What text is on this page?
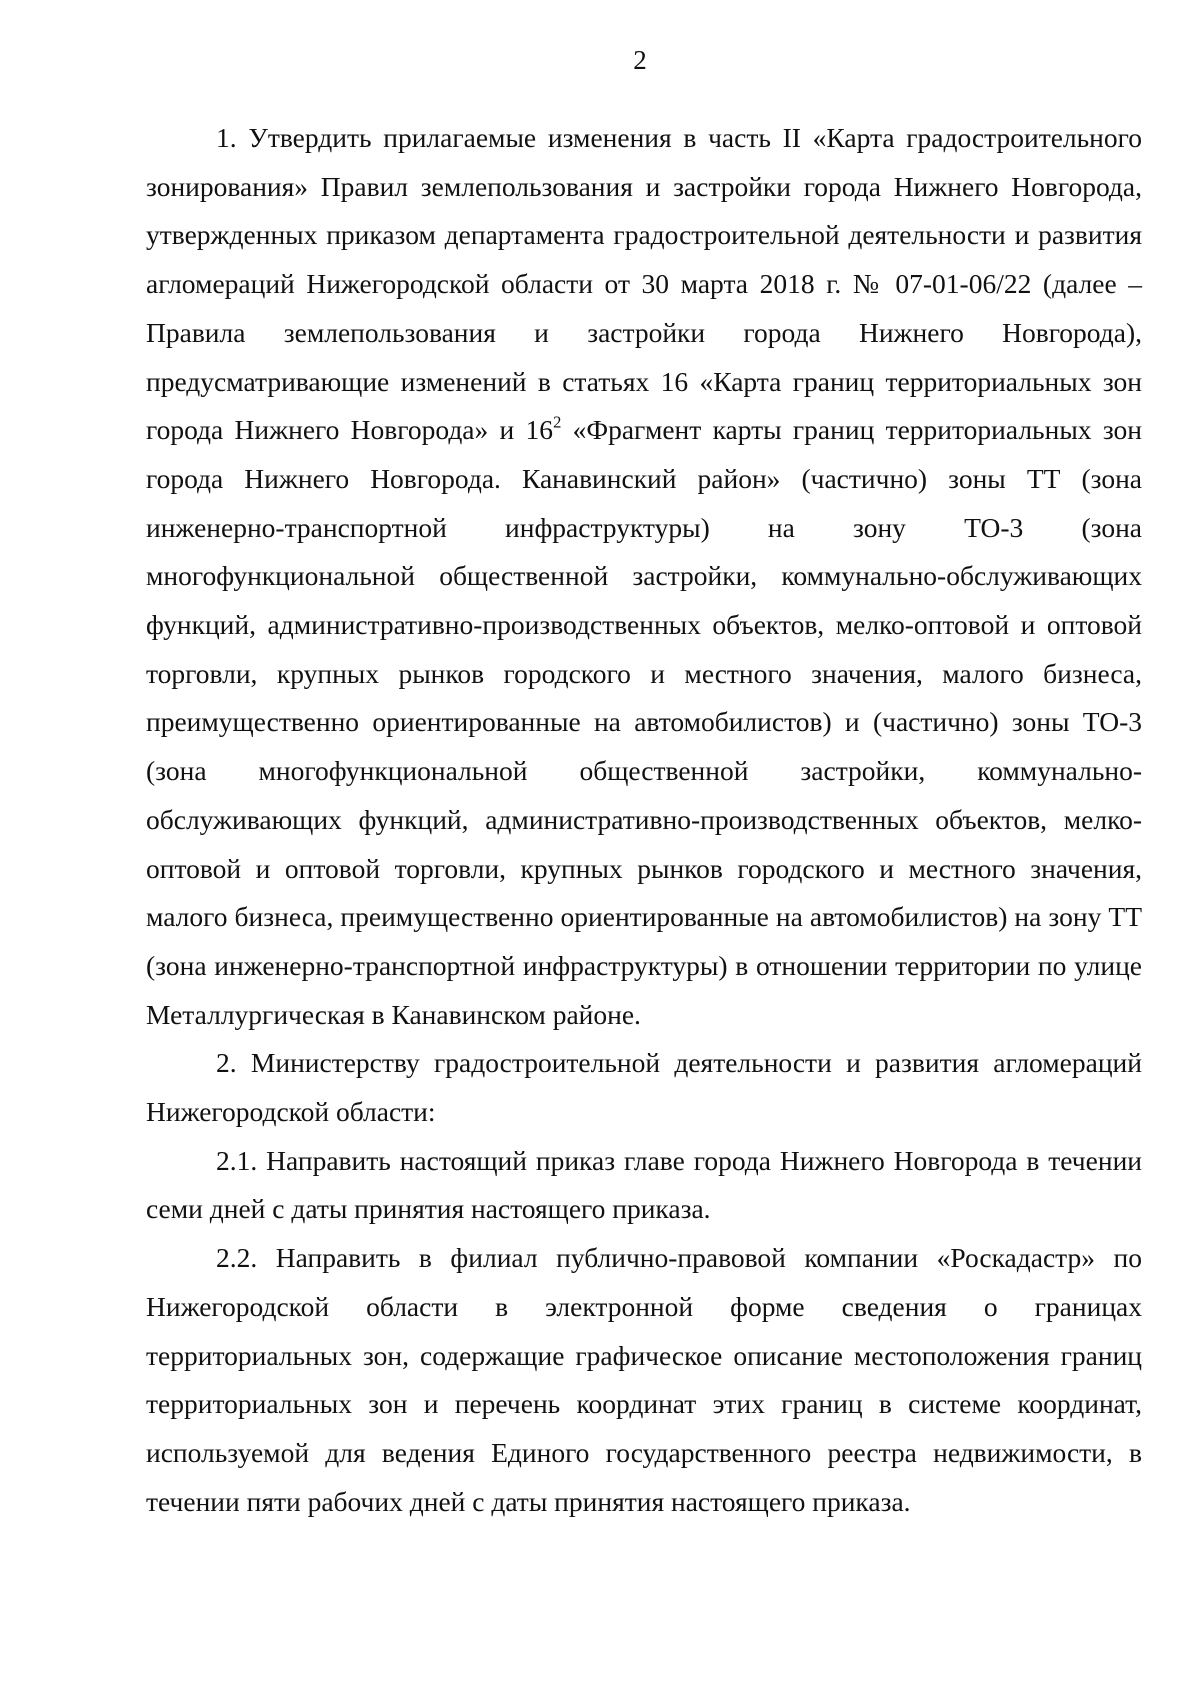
2

1. Утвердить прилагаемые изменения в часть II «Карта градостроительного зонирования» Правил землепользования и застройки города Нижнего Новгорода, утвержденных приказом департамента градостроительной деятельности и развития агломераций Нижегородской области от 30 марта 2018 г. № 07-01-06/22 (далее – Правила землепользования и застройки города Нижнего Новгорода), предусматривающие изменений в статьях 16 «Карта границ территориальных зон города Нижнего Новгорода» и $16^2$ «Фрагмент карты границ территориальных зон города Нижнего Новгорода. Канавинский район» (частично) зоны ТТ (зона инженерно-транспортной инфраструктуры) на зону ТО-3 (зона многофункциональной общественной застройки, коммунально-обслуживающих функций, административно-производственных объектов, мелко-оптовой и оптовой торговли, крупных рынков городского и местного значения, малого бизнеса, преимущественно ориентированные на автомобилистов) и (частично) зоны ТО-3 (зона многофункциональной общественной застройки, коммунально-обслуживающих функций, административно-производственных объектов, мелко-оптовой и оптовой торговли, крупных рынков городского и местного значения, малого бизнеса, преимущественно ориентированные на автомобилистов) на зону ТТ (зона инженерно-транспортной инфраструктуры) в отношении территории по улице Металлургическая в Канавинском районе.

2. Министерству градостроительной деятельности и развития агломераций Нижегородской области:

2.1. Направить настоящий приказ главе города Нижнего Новгорода в течении семи дней с даты принятия настоящего приказа.

2.2. Направить в филиал публично-правовой компании «Роскадастр» по Нижегородской области в электронной форме сведения о границах территориальных зон, содержащие графическое описание местоположения границ территориальных зон и перечень координат этих границ в системе координат, используемой для ведения Единого государственного реестра недвижимости, в течении пяти рабочих дней с даты принятия настоящего приказа.
